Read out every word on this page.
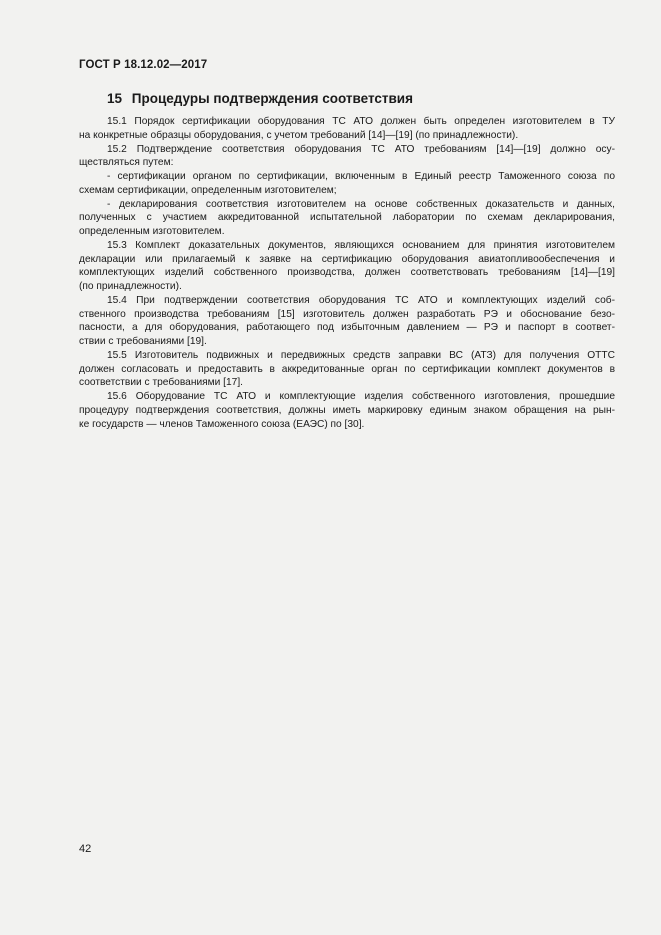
ГОСТ Р 18.12.02—2017
15 Процедуры подтверждения соответствия
15.1 Порядок сертификации оборудования ТС АТО должен быть определен изготовителем в ТУ
на конкретные образцы оборудования, с учетом требований [14]—[19] (по принадлежности).
15.2 Подтверждение соответствия оборудования ТС АТО требованиям [14]—[19] должно осу-
ществляться путем:
- сертификации органом по сертификации, включенным в Единый реестр Таможенного союза по
схемам сертификации, определенным изготовителем;
- декларирования соответствия изготовителем на основе собственных доказательств и данных,
полученных с участием аккредитованной испытательной лаборатории по схемам декларирования,
определенным изготовителем.
15.3 Комплект доказательных документов, являющихся основанием для принятия изготовителем
декларации или прилагаемый к заявке на сертификацию оборудования авиатопливообеспечения и
комплектующих изделий собственного производства, должен соответствовать требованиям [14]—[19]
(по принадлежности).
15.4 При подтверждении соответствия оборудования ТС АТО и комплектующих изделий соб-
ственного производства требованиям [15] изготовитель должен разработать РЭ и обоснование безо-
пасности, а для оборудования, работающего под избыточным давлением — РЭ и паспорт в соответ-
ствии с требованиями [19].
15.5 Изготовитель подвижных и передвижных средств заправки ВС (АТЗ) для получения ОТТС
должен согласовать и предоставить в аккредитованные орган по сертификации комплект документов в
соответствии с требованиями [17].
15.6 Оборудование ТС АТО и комплектующие изделия собственного изготовления, прошедшие
процедуру подтверждения соответствия, должны иметь маркировку единым знаком обращения на рын-
ке государств — членов Таможенного союза (ЕАЭС) по [30].
42
